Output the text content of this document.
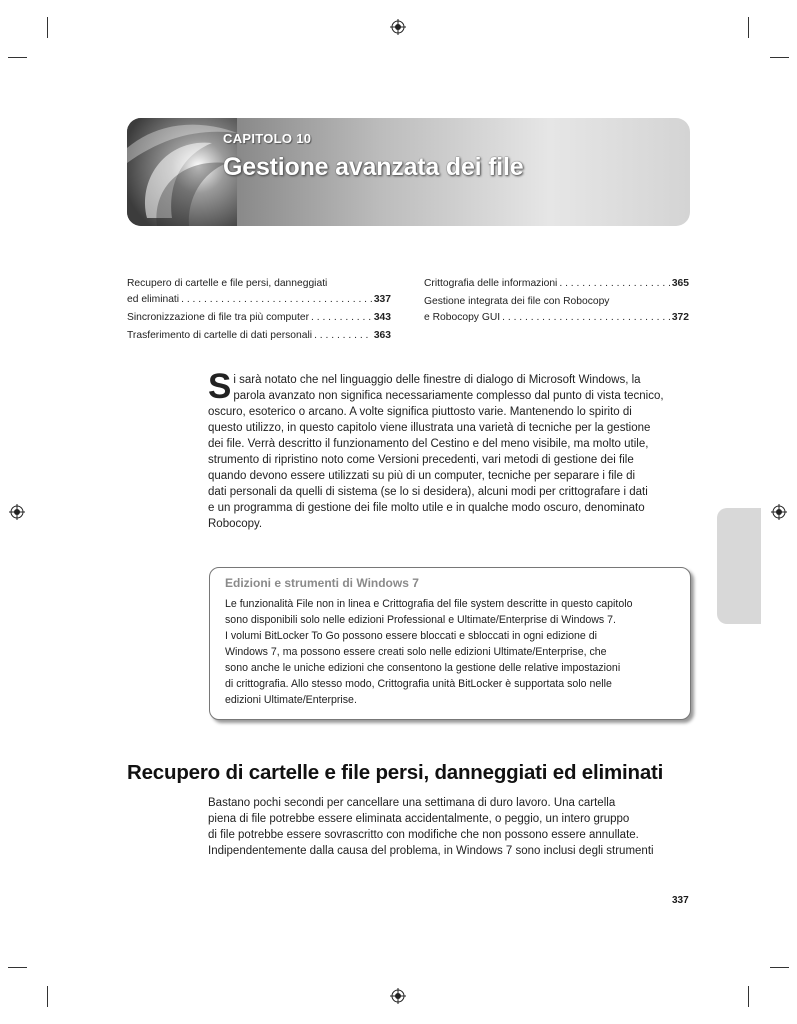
CAPITOLO 10
Gestione avanzata dei file
Recupero di cartelle e file persi, danneggiati
ed eliminati . . .	337
Sincronizzazione di file tra più computer . . .	343
Trasferimento di cartelle di dati personali . . .	363
Crittografia delle informazioni . . .	365
Gestione integrata dei file con Robocopy
e Robocopy GUI . . .	372
S i sarà notato che nel linguaggio delle finestre di dialogo di Microsoft Windows, la
parola avanzato non significa necessariamente complesso dal punto di vista tecnico,
oscuro, esoterico o arcano. A volte significa piuttosto varie. Mantenendo lo spirito di
questo utilizzo, in questo capitolo viene illustrata una varietà di tecniche per la gestione
dei file. Verrà descritto il funzionamento del Cestino e del meno visibile, ma molto utile,
strumento di ripristino noto come Versioni precedenti, vari metodi di gestione dei file
quando devono essere utilizzati su più di un computer, tecniche per separare i file di
dati personali da quelli di sistema (se lo si desidera), alcuni modi per crittografare i dati
e un programma di gestione dei file molto utile e in qualche modo oscuro, denominato
Robocopy.
Edizioni e strumenti di Windows 7
Le funzionalità File non in linea e Crittografia del file system descritte in questo capitolo
sono disponibili solo nelle edizioni Professional e Ultimate/Enterprise di Windows 7.
I volumi BitLocker To Go possono essere bloccati e sbloccati in ogni edizione di
Windows 7, ma possono essere creati solo nelle edizioni Ultimate/Enterprise, che
sono anche le uniche edizioni che consentono la gestione delle relative impostazioni
di crittografia. Allo stesso modo, Crittografia unità BitLocker è supportata solo nelle
edizioni Ultimate/Enterprise.
Recupero di cartelle e file persi, danneggiati ed eliminati
Bastano pochi secondi per cancellare una settimana di duro lavoro. Una cartella
piena di file potrebbe essere eliminata accidentalmente, o peggio, un intero gruppo
di file potrebbe essere sovrascritto con modifiche che non possono essere annullate.
Indipendentemente dalla causa del problema, in Windows 7 sono inclusi degli strumenti
337
